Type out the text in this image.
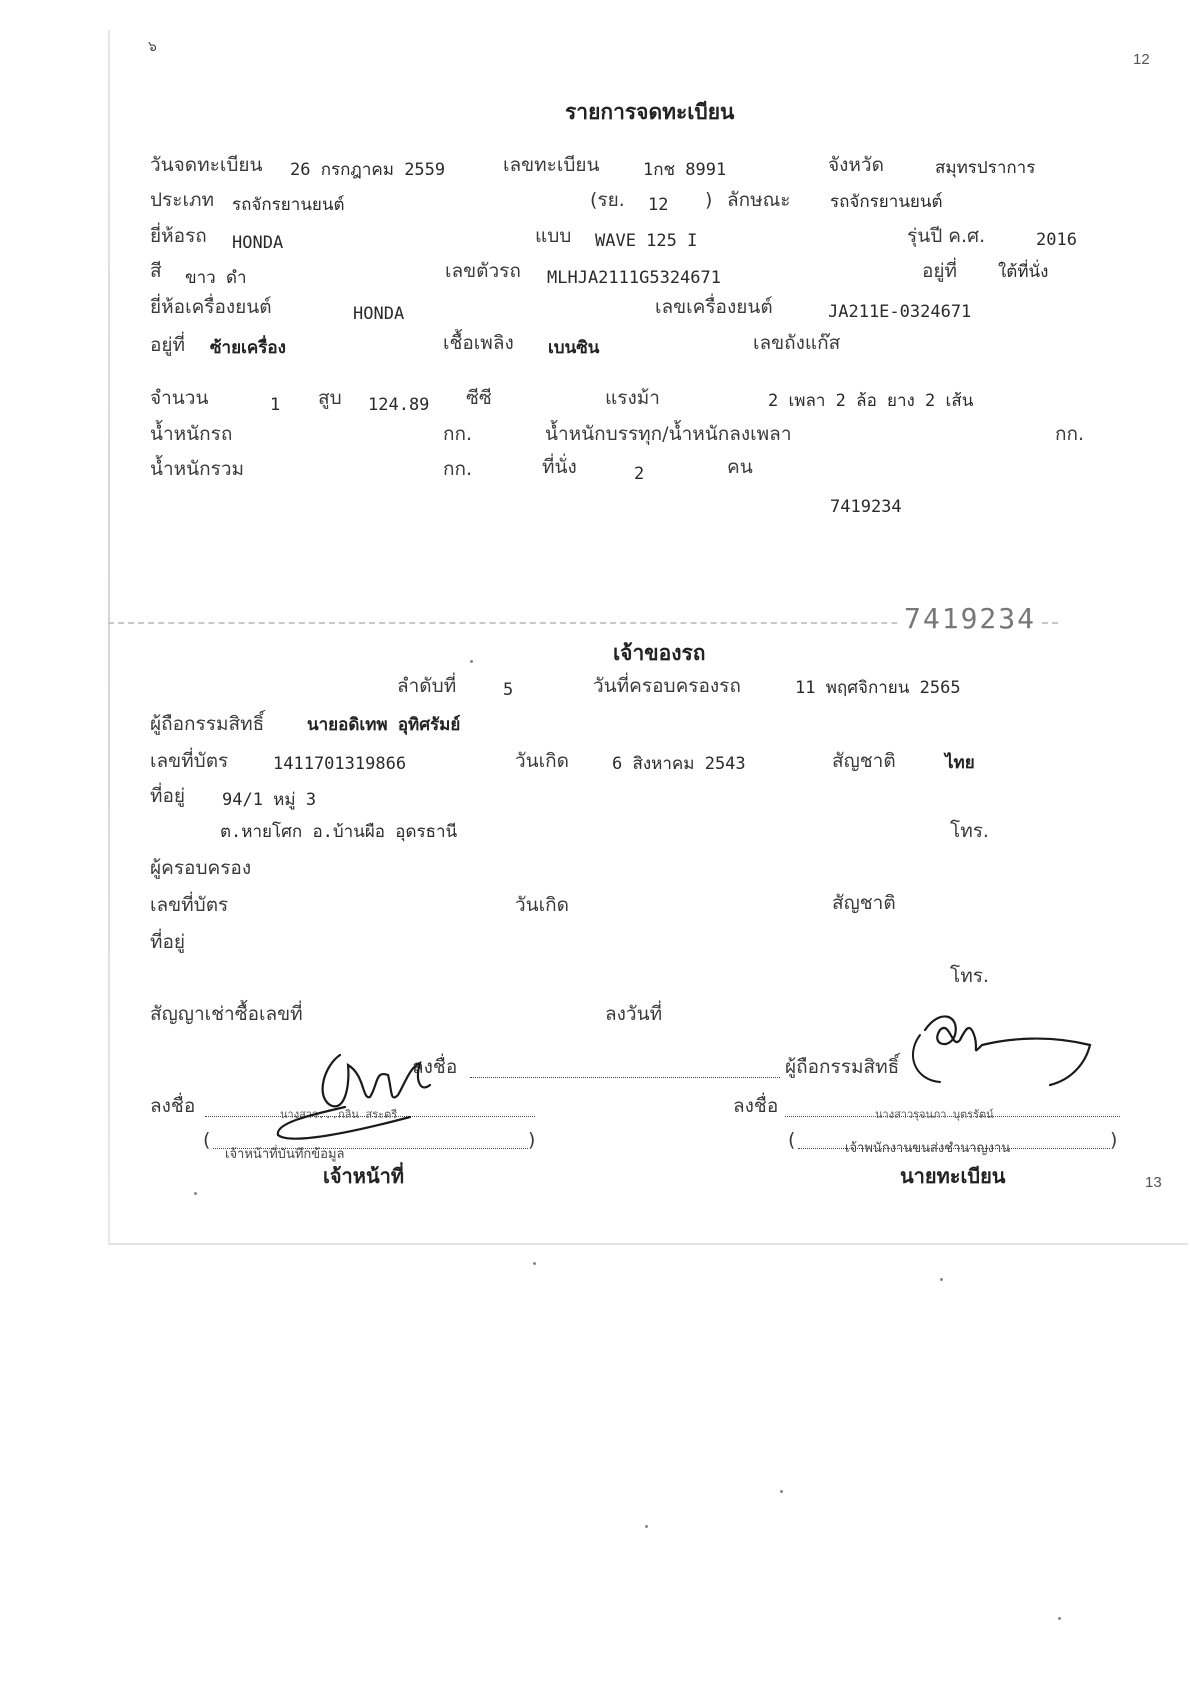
๖
12
13
รายการจดทะเบียน
วันจดทะเบียน 26 กรกฎาคม 2559	เลขทะเบียน	1กช 8991	จังหวัด	สมุทรปราการ
ประเภท รถจักรยานยนต์	(รย. 12 ) ลักษณะ รถจักรยานยนต์
ยี่ห้อรถ HONDA	แบบ WAVE 125 I	รุ่นปี ค.ศ.	2016
สี ขาว ดำ	เลขตัวรถ MLHJA2111G5324671	อยู่ที่ ใต้ที่นั่ง
ยี่ห้อเครื่องยนต์	HONDA	เลขเครื่องยนต์	JA211E-0324671
อยู่ที่ ซ้ายเครื่อง	เชื้อเพลิง เบนซิน	เลขถังแก๊ส
จำนวน	1 สูบ 124.89 ซีซี	แรงม้า	2 เพลา 2 ล้อ ยาง 2 เส้น
น้ำหนักรถ	กก.	น้ำหนักบรรทุก/น้ำหนักลงเพลา	กก.
น้ำหนักรวม	กก.	ที่นั่ง	2	คน
7419234
7419234
เจ้าของรถ
ลำดับที่	5	วันที่ครอบครองรถ	11 พฤศจิกายน 2565
ผู้ถือกรรมสิทธิ์	นายอดิเทพ อุทิศรัมย์
เลขที่บัตร	1411701319866	วันเกิด	6 สิงหาคม 2543	สัญชาติ	ไทย
ที่อยู่ 94/1 หมู่ 3
ต.หายโศก อ.บ้านผือ อุดรธานี	โทร.
ผู้ครอบครอง
เลขที่บัตร	วันเกิด	สัญชาติ
ที่อยู่
โทร.
สัญญาเช่าซื้อเลขที่	ลงวันที่
ลงชื่อ	ผู้ถือกรรมสิทธิ์
ลงชื่อ	นางสาว...กลิน สระตรี
(
เจ้าหน้าที่บันทึกข้อมูล
)
เจ้าหน้าที่
ลงชื่อ	นางสาวรุจนภา บุตรรัตน์
(	เจ้าพนักงานขนส่งชำนาญงาน	)
นายทะเบียน
